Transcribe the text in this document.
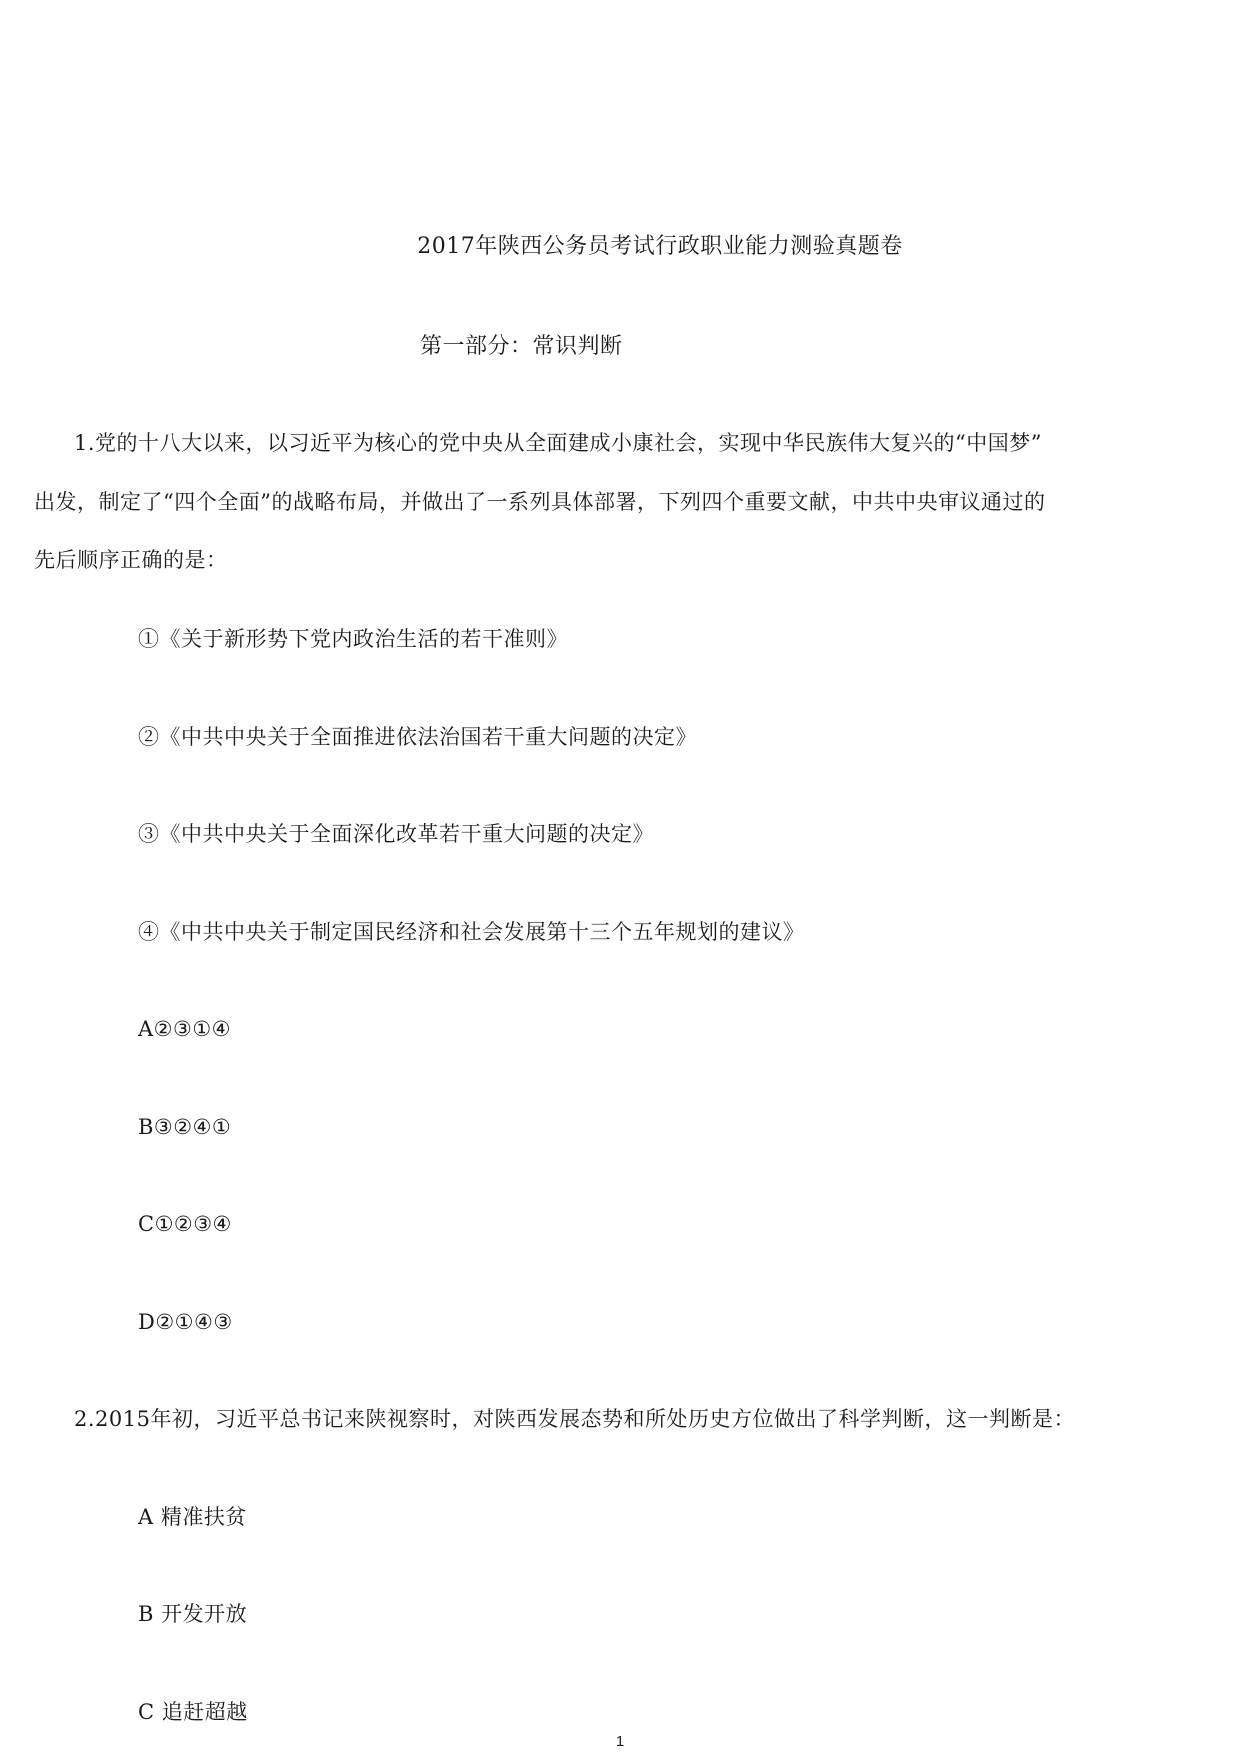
2017年陕西公务员考试行政职业能力测验真题卷
第一部分：常识判断
1.党的十八大以来，以习近平为核心的党中央从全面建成小康社会，实现中华民族伟大复兴的“中国梦”
出发，制定了“四个全面”的战略布局，并做出了一系列具体部署，下列四个重要文献，中共中央审议通过的
先后顺序正确的是：
①《关于新形势下党内政治生活的若干准则》
②《中共中央关于全面推进依法治国若干重大问题的决定》
③《中共中央关于全面深化改革若干重大问题的决定》
④《中共中央关于制定国民经济和社会发展第十三个五年规划的建议》
A②③①④
B③②④①
C①②③④
D②①④③
2.2015年初，习近平总书记来陕视察时，对陕西发展态势和所处历史方位做出了科学判断，这一判断是：
A 精准扶贫
B 开发开放
C 追赶超越
1
